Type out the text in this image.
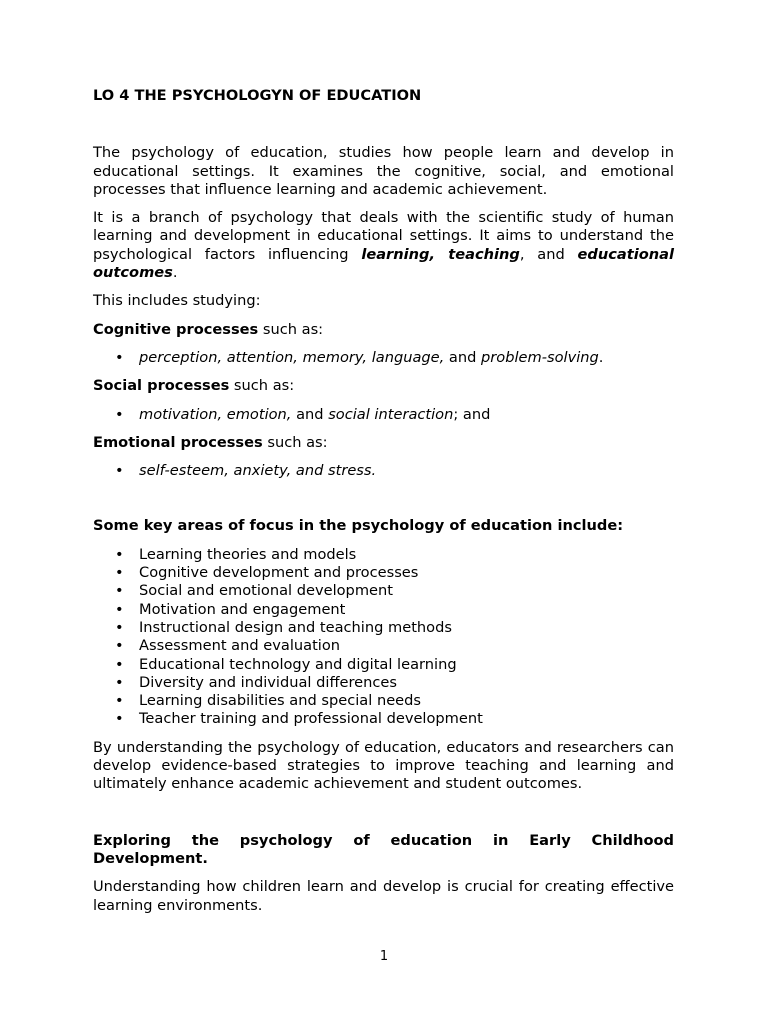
LO 4 THE PSYCHOLOGYN OF EDUCATION

The psychology of education, studies how people learn and develop in educational settings. It examines the cognitive, social, and emotional processes that influence learning and academic achievement.

It is a branch of psychology that deals with the scientific study of human learning and development in educational settings. It aims to understand the psychological factors influencing learning, teaching, and educational outcomes.

This includes studying:
Cognitive processes such as:
• perception, attention, memory, language, and problem-solving.
Social processes such as:
• motivation, emotion, and social interaction; and
Emotional processes such as:
• self-esteem, anxiety, and stress.
Some key areas of focus in the psychology of education include:
• Learning theories and models
• Cognitive development and processes
• Social and emotional development
• Motivation and engagement
• Instructional design and teaching methods
• Assessment and evaluation
• Educational technology and digital learning
• Diversity and individual differences
• Learning disabilities and special needs
• Teacher training and professional development

By understanding the psychology of education, educators and researchers can develop evidence-based strategies to improve teaching and learning and ultimately enhance academic achievement and student outcomes.

Exploring the psychology of education in Early Childhood Development.

Understanding how children learn and develop is crucial for creating effective learning environments.

1
